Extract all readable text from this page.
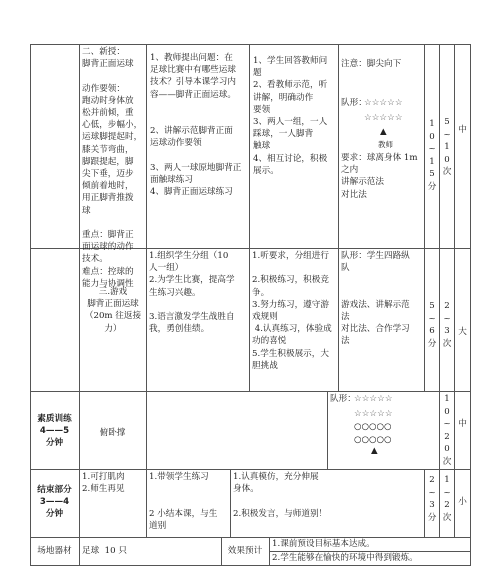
二、新授：
脚背正面运球

动作要领：
跑动时身体放
松并前倾，重
心低，步幅小，
运球脚提起时，
膝关节弯曲，
脚跟提起，脚
尖下垂，迈步
倾前着地时，
用正脚背推拨
球

重点：脚背正
面运球的动作
技术。
难点：控球的
能力与协调性
1、教师提出问题：在
足球比赛中有哪些运球
技术？引导本课学习内
容——脚背正面运球。

2、讲解示范脚背正面
运球动作要领

3、两人一球原地脚背正
面触球练习
4、脚背正面运球练习
1、学生回答教师问
题
2、看教师示范，听
讲解，明确动作
要领
3、两人一组，一人
踩球，一人脚背
触球
4、相互讨论，积极
展示。
注意：脚尖向下
队形：
☆☆☆☆☆
☆☆☆☆☆
▲
教师
要求：球离身体 1m
之内
讲解示范法
对比法
1
0
~
1
5
分
5
~
1
0
次
中
三.游戏
脚背正面运球
（20m 往返接
力）
1.组织学生分组（10
人一组）
2.为学生比赛，提高学
生练习兴趣。

3.语言激发学生战胜自
我，勇创佳绩。
1.听要求，分组进行

2.积极练习，积极竞
争。
3.努力练习，遵守游
戏规则
4.认真练习，体验成
功的喜悦
5.学生积极展示，大
胆挑战
队形：学生四路纵
队

游戏法、讲解示范
法
对比法、合作学习
法
5
~
6
分
2
~
3
次
大
素质训练
4——5
分钟
俯卧撑
队形：
☆☆☆☆☆
☆☆☆☆☆
○○○○○
○○○○○
▲
1
0
~
2
0
次
中
结束部分
3——4
分钟
1.可打肌肉
2.师生再见
1.带领学生练习

2 小结本课，与生
道别
1.认真模仿，充分伸展
身体。

2.积极发言，与师道别！
2
~
3
分
1
~
2
次
小
场地器材	足球  10 只	效果预计
1.课前预设目标基本达成。
2.学生能够在愉快的环境中得到锻炼。
